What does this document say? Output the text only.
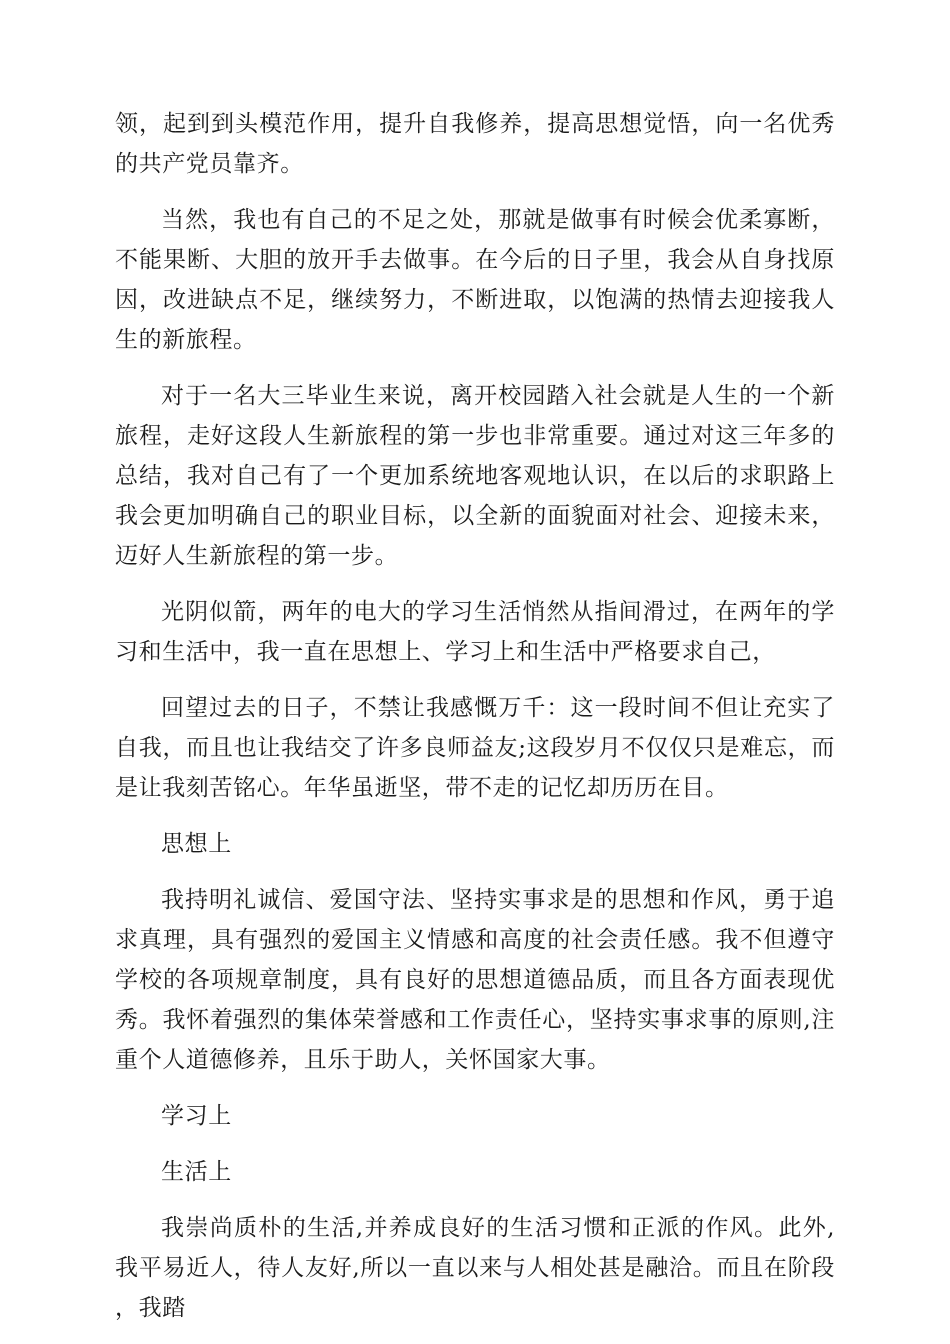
领，起到到头模范作用，提升自我修养，提高思想觉悟，向一名优秀的共产党员靠齐。

当然，我也有自己的不足之处，那就是做事有时候会优柔寡断，不能果断、大胆的放开手去做事。在今后的日子里，我会从自身找原因，改进缺点不足，继续努力，不断进取，以饱满的热情去迎接我人生的新旅程。

对于一名大三毕业生来说，离开校园踏入社会就是人生的一个新旅程，走好这段人生新旅程的第一步也非常重要。通过对这三年多的总结，我对自己有了一个更加系统地客观地认识，在以后的求职路上我会更加明确自己的职业目标，以全新的面貌面对社会、迎接未来，迈好人生新旅程的第一步。

光阴似箭，两年的电大的学习生活悄然从指间滑过，在两年的学习和生活中，我一直在思想上、学习上和生活中严格要求自己，

回望过去的日子，不禁让我感慨万千：这一段时间不但让充实了自我，而且也让我结交了许多良师益友;这段岁月不仅仅只是难忘，而是让我刻苦铭心。年华虽逝坚，带不走的记忆却历历在目。

思想上

我持明礼诚信、爱国守法、坚持实事求是的思想和作风，勇于追求真理，具有强烈的爱国主义情感和高度的社会责任感。我不但遵守学校的各项规章制度，具有良好的思想道德品质，而且各方面表现优秀。我怀着强烈的集体荣誉感和工作责任心，坚持实事求事的原则,注重个人道德修养，且乐于助人，关怀国家大事。

学习上

生活上

我崇尚质朴的生活,并养成良好的生活习惯和正派的作风。此外,我平易近人，待人友好,所以一直以来与人相处甚是融洽。而且在阶段，我踏
